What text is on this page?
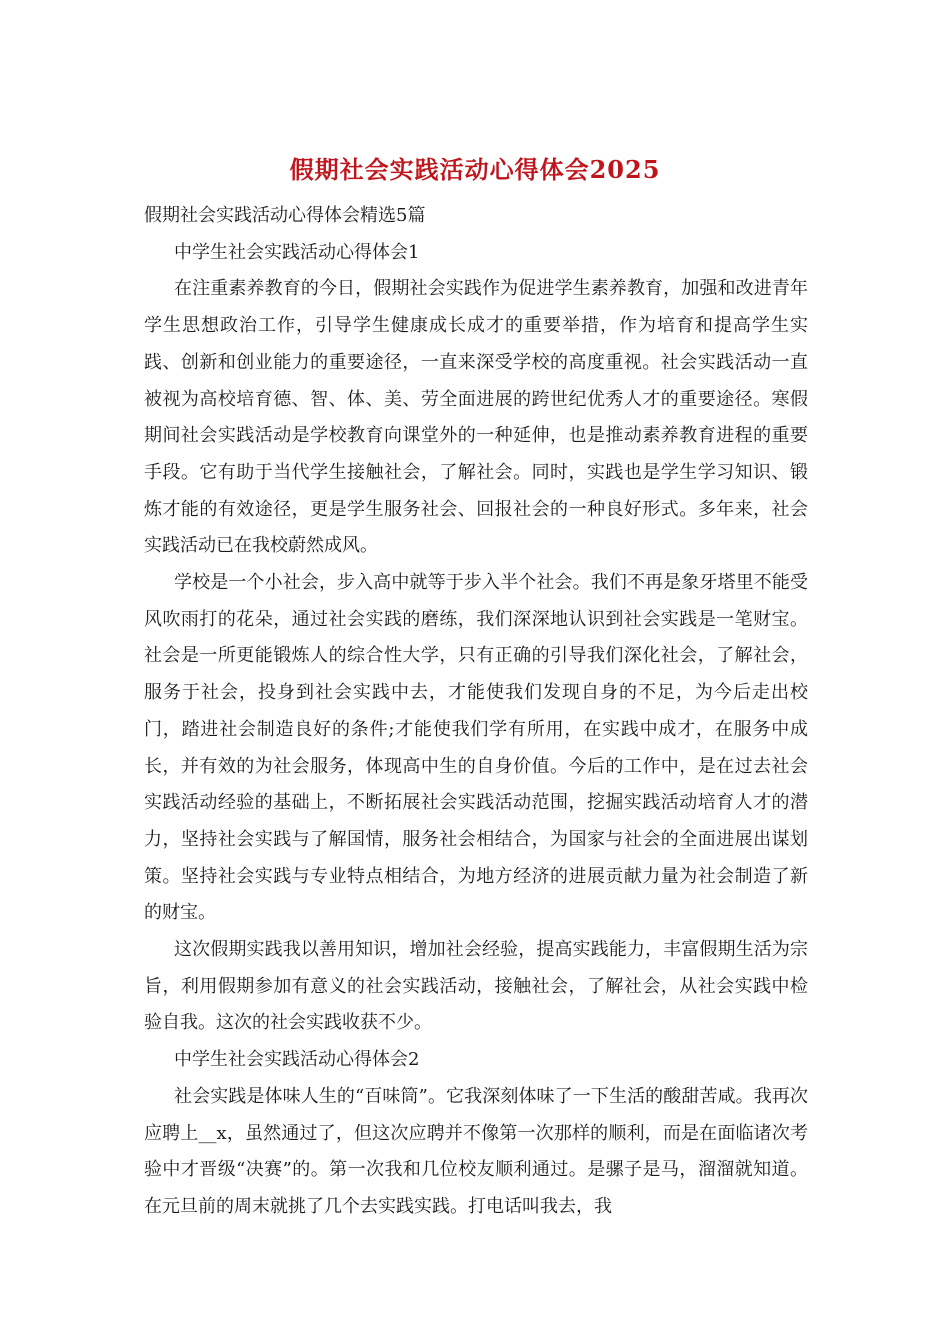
假期社会实践活动心得体会2025

假期社会实践活动心得体会精选5篇

中学生社会实践活动心得体会1

在注重素养教育的今日，假期社会实践作为促进学生素养教育，加强和改进青年学生思想政治工作，引导学生健康成长成才的重要举措，作为培育和提高学生实践、创新和创业能力的重要途径，一直来深受学校的高度重视。社会实践活动一直被视为高校培育德、智、体、美、劳全面进展的跨世纪优秀人才的重要途径。寒假期间社会实践活动是学校教育向课堂外的一种延伸，也是推动素养教育进程的重要手段。它有助于当代学生接触社会，了解社会。同时，实践也是学生学习知识、锻炼才能的有效途径，更是学生服务社会、回报社会的一种良好形式。多年来，社会实践活动已在我校蔚然成风。

学校是一个小社会，步入高中就等于步入半个社会。我们不再是象牙塔里不能受风吹雨打的花朵，通过社会实践的磨练，我们深深地认识到社会实践是一笔财宝。社会是一所更能锻炼人的综合性大学，只有正确的引导我们深化社会，了解社会，服务于社会，投身到社会实践中去，才能使我们发现自身的不足，为今后走出校门，踏进社会制造良好的条件;才能使我们学有所用，在实践中成才，在服务中成长，并有效的为社会服务，体现高中生的自身价值。今后的工作中，是在过去社会实践活动经验的基础上，不断拓展社会实践活动范围，挖掘实践活动培育人才的潜力，坚持社会实践与了解国情，服务社会相结合，为国家与社会的全面进展出谋划策。坚持社会实践与专业特点相结合，为地方经济的进展贡献力量为社会制造了新的财宝。

这次假期实践我以善用知识，增加社会经验，提高实践能力，丰富假期生活为宗旨，利用假期参加有意义的社会实践活动，接触社会，了解社会，从社会实践中检验自我。这次的社会实践收获不少。

中学生社会实践活动心得体会2

社会实践是体味人生的“百味筒”。它我深刻体味了一下生活的酸甜苦咸。我再次应聘上__x，虽然通过了，但这次应聘并不像第一次那样的顺利，而是在面临诸次考验中才晋级“决赛”的。第一次我和几位校友顺利通过。是骡子是马，溜溜就知道。在元旦前的周末就挑了几个去实践实践。打电话叫我去，我
